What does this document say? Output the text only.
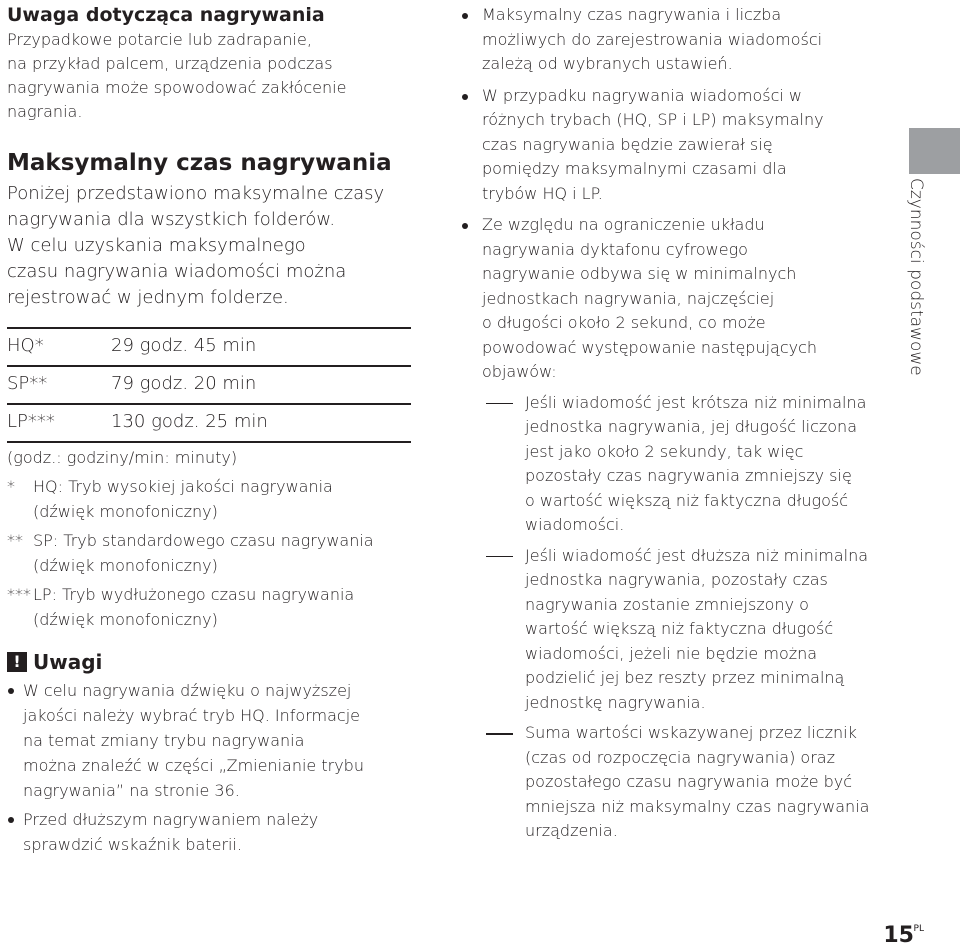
Uwaga dotycząca nagrywania

Przypadkowe potarcie lub zadrapanie,
na przykład palcem, urządzenia podczas
nagrywania może spowodować zakłócenie
nagrania.

Maksymalny czas nagrywania

Poniżej przedstawiono maksymalne czasy
nagrywania dla wszystkich folderów.
W celu uzyskania maksymalnego
czasu nagrywania wiadomości można
rejestrować w jednym folderze.

HQ*	29 godz. 45 min
SP**	79 godz. 20 min
LP***	130 godz. 25 min
(godz.: godziny/min: minuty)
*	HQ: Tryb wysokiej jakości nagrywania
(dźwięk monofoniczny)
** SP: Tryb standardowego czasu nagrywania
(dźwięk monofoniczny)
*** LP: Tryb wydłużonego czasu nagrywania
(dźwięk monofoniczny)
! Uwagi
W celu nagrywania dźwięku o najwyższej
jakości należy wybrać tryb HQ. Informacje
na temat zmiany trybu nagrywania
można znaleźć w części „Zmienianie trybu
nagrywania” na stronie 36.
Przed dłuższym nagrywaniem należy
sprawdzić wskaźnik baterii.
Maksymalny czas nagrywania i liczba
możliwych do zarejestrowania wiadomości
zależą od wybranych ustawień.
W przypadku nagrywania wiadomości w
różnych trybach (HQ, SP i LP) maksymalny
czas nagrywania będzie zawierał się
pomiędzy maksymalnymi czasami dla
trybów HQ i LP.
Ze względu na ograniczenie układu
nagrywania dyktafonu cyfrowego
nagrywanie odbywa się w minimalnych
jednostkach nagrywania, najczęściej
o długości około 2 sekund, co może
powodować występowanie następujących
objawów:
Jeśli wiadomość jest krótsza niż minimalna
jednostka nagrywania, jej długość liczona
jest jako około 2 sekundy, tak więc
pozostały czas nagrywania zmniejszy się
o wartość większą niż faktyczna długość
wiadomości.
Jeśli wiadomość jest dłuższa niż minimalna
jednostka nagrywania, pozostały czas
nagrywania zostanie zmniejszony o
wartość większą niż faktyczna długość
wiadomości, jeżeli nie będzie można
podzielić jej bez reszty przez minimalną
jednostkę nagrywania.
Suma wartości wskazywanej przez licznik
(czas od rozpoczęcia nagrywania) oraz
pozostałego czasu nagrywania może być
mniejsza niż maksymalny czas nagrywania
urządzenia.
Czynności podstawowe
15 PL
